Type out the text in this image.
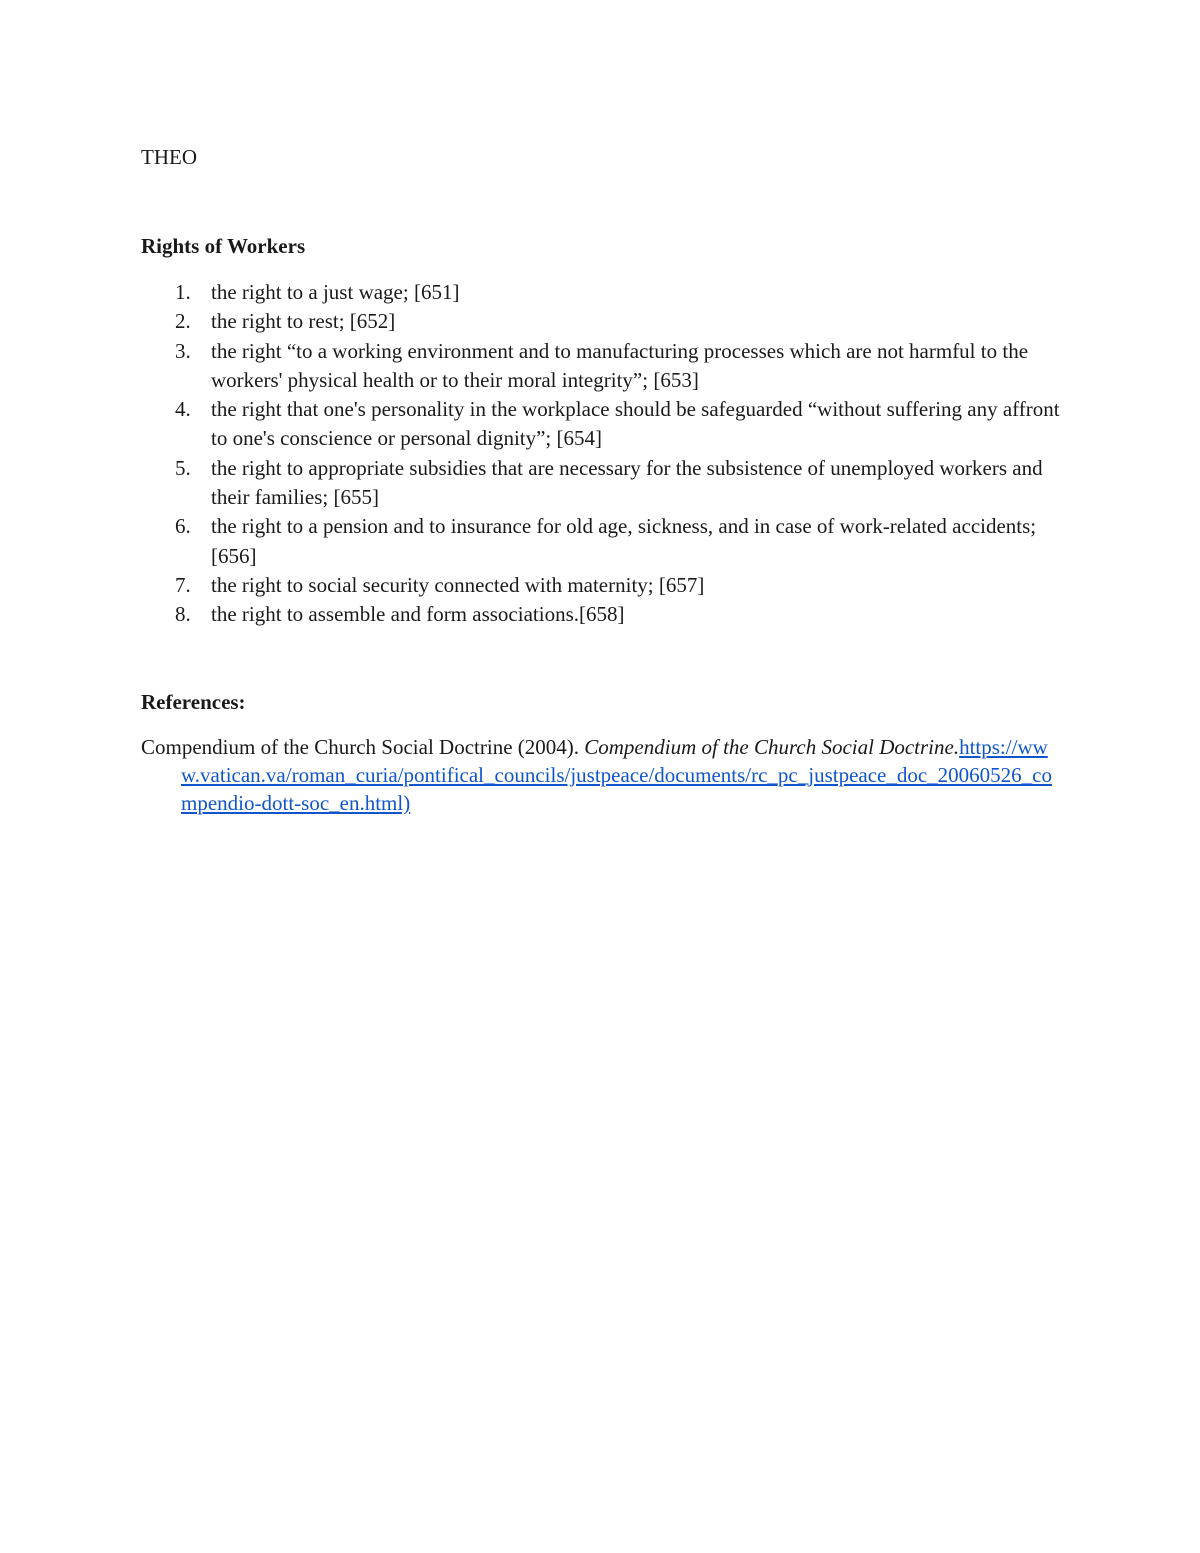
THEO

Rights of Workers
1. the right to a just wage; [651]
2. the right to rest; [652]
3. the right “to a working environment and to manufacturing processes which are not harmful to the workers' physical health or to their moral integrity”; [653]
4. the right that one's personality in the workplace should be safeguarded “without suffering any affront to one's conscience or personal dignity”; [654]
5. the right to appropriate subsidies that are necessary for the subsistence of unemployed workers and their families; [655]
6. the right to a pension and to insurance for old age, sickness, and in case of work-related accidents; [656]
7. the right to social security connected with maternity; [657]
8. the right to assemble and form associations.[658]
References:

Compendium of the Church Social Doctrine (2004). Compendium of the Church Social Doctrine.https://www.vatican.va/roman_curia/pontifical_councils/justpeace/documents/rc_pc_justpeace_doc_20060526_compendio-dott-soc_en.html)
